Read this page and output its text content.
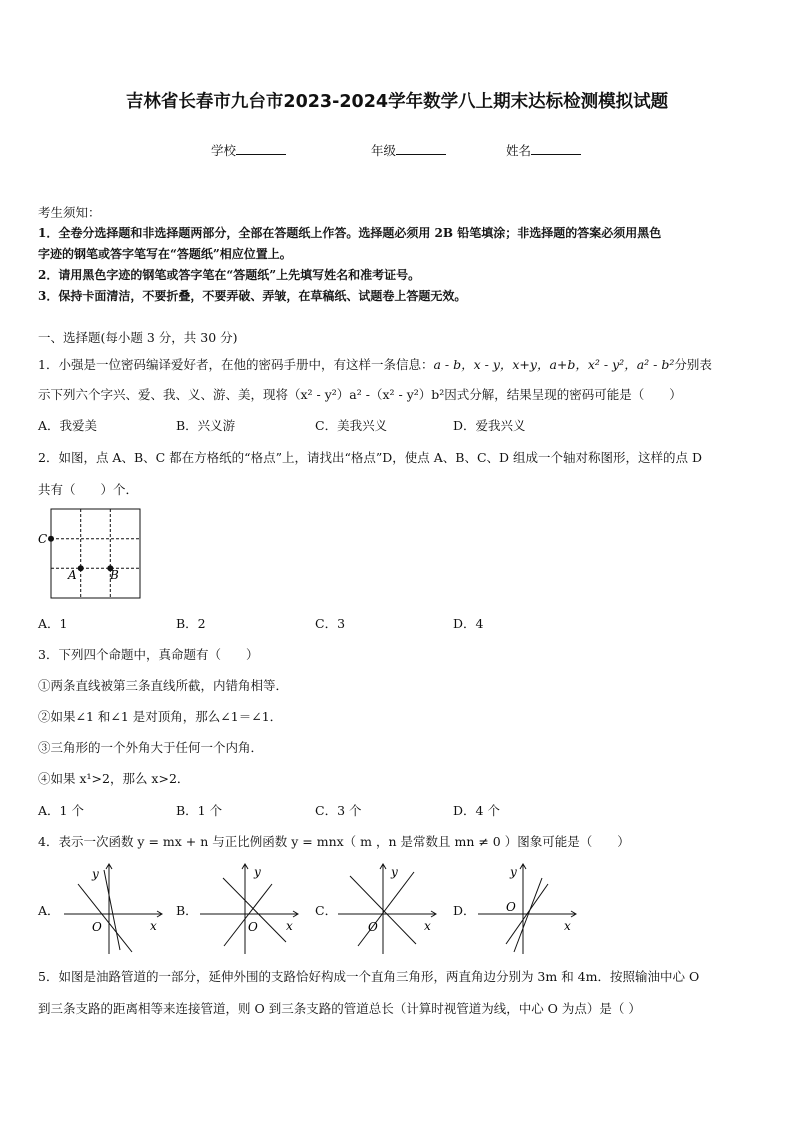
吉林省长春市九台市2023-2024学年数学八上期末达标检测模拟试题
学校	年级	姓名
考生须知：
1．全卷分选择题和非选择题两部分，全部在答题纸上作答。选择题必须用 2B 铅笔填涂；非选择题的答案必须用黑色
字迹的钢笔或答字笔写在“答题纸”相应位置上。
2．请用黑色字迹的钢笔或答字笔在“答题纸”上先填写姓名和准考证号。
3．保持卡面清洁，不要折叠，不要弄破、弄皱，在草稿纸、试题卷上答题无效。
一、选择题(每小题 3 分，共 30 分)
1．小强是一位密码编译爱好者，在他的密码手册中，有这样一条信息：a - b，x - y，x+y，a+b，x² - y²，a² - b²分别表
示下列六个字兴、爱、我、义、游、美，现将（x² - y²）a² -（x² - y²）b²因式分解，结果呈现的密码可能是（　　）
A．我爱美	B．兴义游	C．美我兴义	D．爱我兴义
2．如图，点 A、B、C 都在方格纸的“格点”上，请找出“格点”D，使点 A、B、C、D 组成一个轴对称图形，这样的点 D
共有（　　）个．
C
A	B
A．1	B．2	C．3	D．4
3．下列四个命题中，真命题有（　　）
①两条直线被第三条直线所截，内错角相等．
②如果∠1 和∠1 是对顶角，那么∠1＝∠1．
③三角形的一个外角大于任何一个内角．
④如果 x¹>2，那么 x>2．
A．1 个	B．1 个	C．3 个	D．4 个
4．表示一次函数 y = mx + n 与正比例函数 y = mnx（ m ，n 是常数且 mn ≠ 0 ）图象可能是（　　）
A．	B．	C．	D．
y
x
O
y
x
O
y
x
O
y
x
O
5．如图是油路管道的一部分，延伸外围的支路恰好构成一个直角三角形，两直角边分别为 3m 和 4m．按照输油中心 O
到三条支路的距离相等来连接管道，则 O 到三条支路的管道总长（计算时视管道为线，中心 O 为点）是（ ）
